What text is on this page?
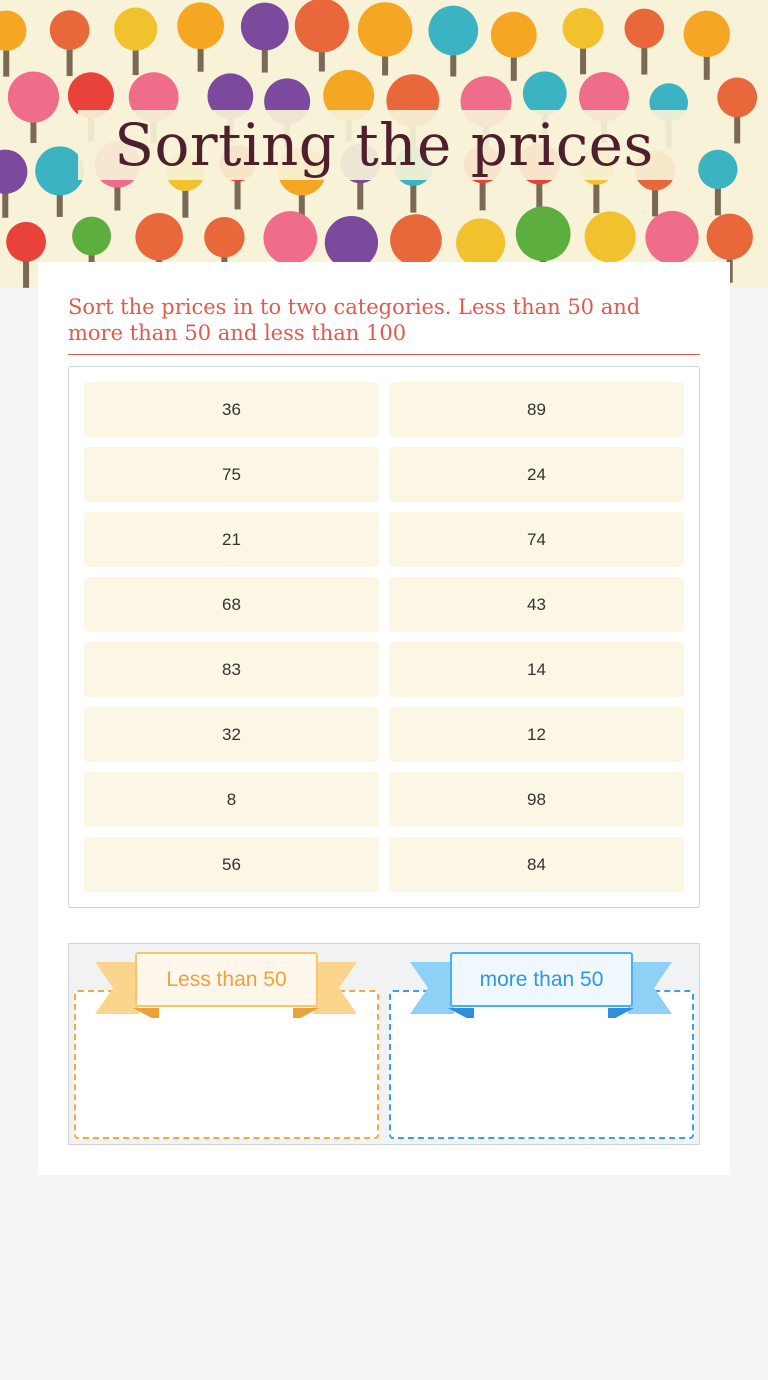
Sorting the prices
Sort the prices in to two categories. Less than 50 and more than 50 and less than 100
36	89
75	24
21	74
68	43
83	14
32	12
8	98
56	84
Less than 50	more than 50
